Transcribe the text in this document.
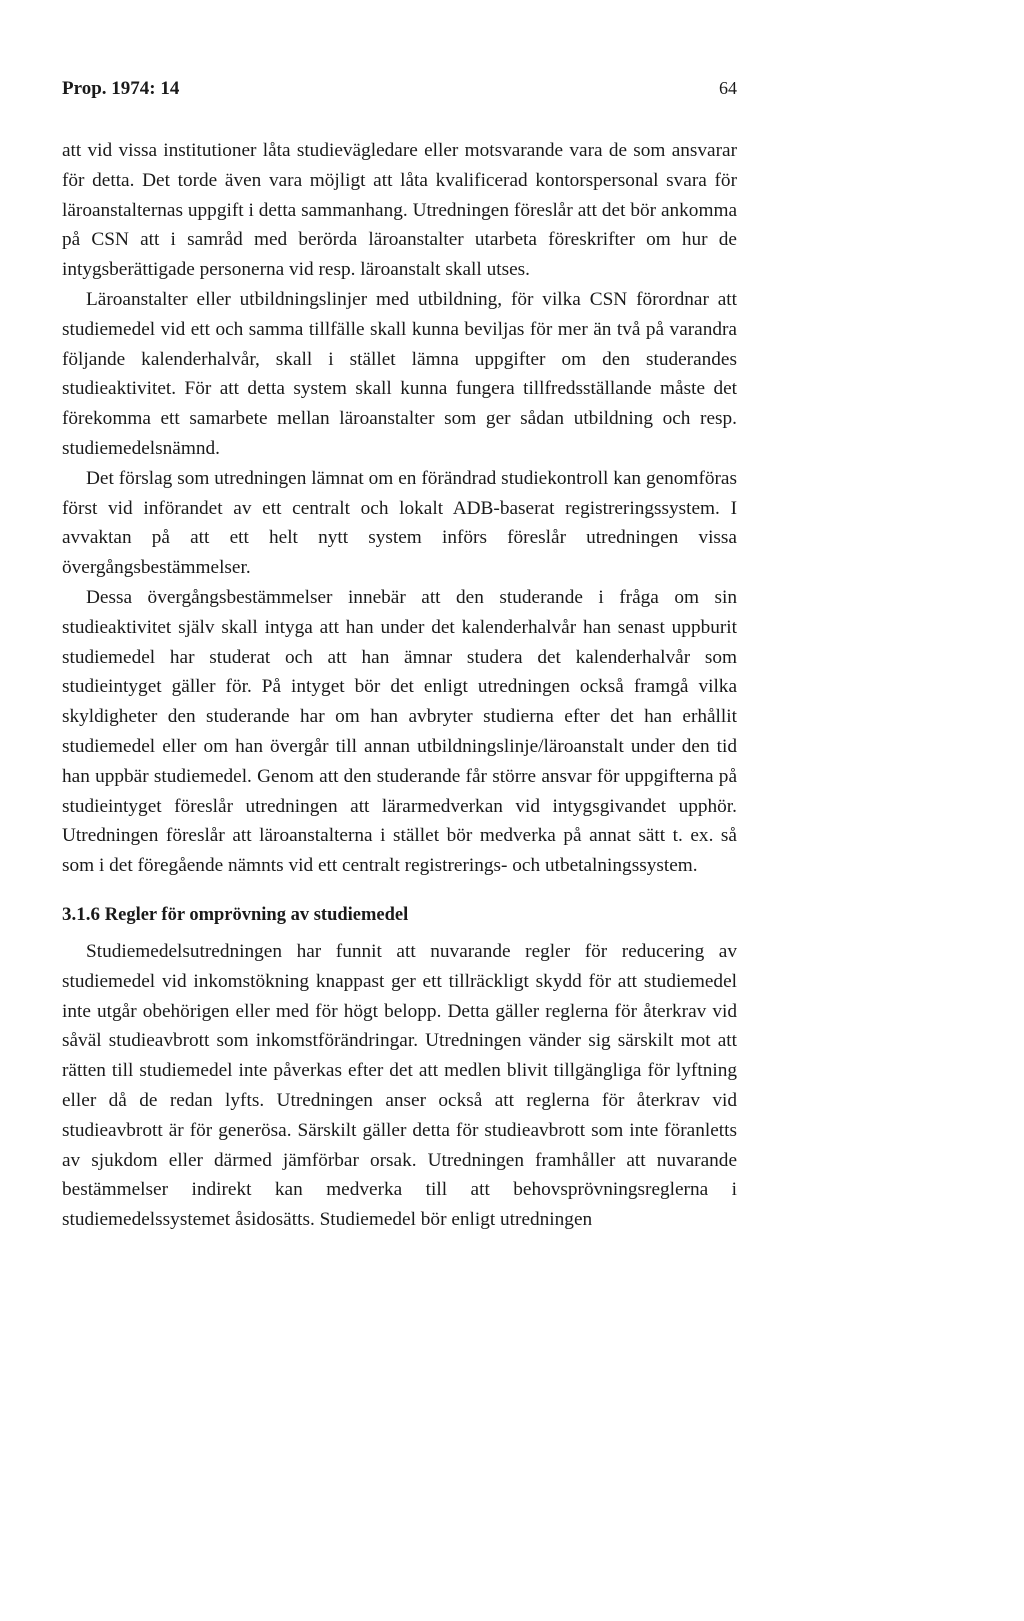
Prop. 1974: 14	64

att vid vissa institutioner låta studievägledare eller motsvarande vara de som ansvarar för detta. Det torde även vara möjligt att låta kvalificerad kontorspersonal svara för läroanstalternas uppgift i detta sammanhang. Utredningen föreslår att det bör ankomma på CSN att i samråd med berörda läroanstalter utarbeta föreskrifter om hur de intygsberättigade personerna vid resp. läroanstalt skall utses.

Läroanstalter eller utbildningslinjer med utbildning, för vilka CSN förordnar att studiemedel vid ett och samma tillfälle skall kunna beviljas för mer än två på varandra följande kalenderhalvår, skall i stället lämna uppgifter om den studerandes studieaktivitet. För att detta system skall kunna fungera tillfredsställande måste det förekomma ett samarbete mellan läroanstalter som ger sådan utbildning och resp. studiemedelsnämnd.

Det förslag som utredningen lämnat om en förändrad studiekontroll kan genomföras först vid införandet av ett centralt och lokalt ADB-baserat registreringssystem. I avvaktan på att ett helt nytt system införs föreslår utredningen vissa övergångsbestämmelser.

Dessa övergångsbestämmelser innebär att den studerande i fråga om sin studieaktivitet själv skall intyga att han under det kalenderhalvår han senast uppburit studiemedel har studerat och att han ämnar studera det kalenderhalvår som studieintyget gäller för. På intyget bör det enligt utredningen också framgå vilka skyldigheter den studerande har om han avbryter studierna efter det han erhållit studiemedel eller om han övergår till annan utbildningslinje/läroanstalt under den tid han uppbär studiemedel. Genom att den studerande får större ansvar för uppgifterna på studieintyget föreslår utredningen att lärarmedverkan vid intygsgivandet upphör. Utredningen föreslår att läroanstalterna i stället bör medverka på annat sätt t. ex. så som i det föregående nämnts vid ett centralt registrerings- och utbetalningssystem.

3.1.6 Regler för omprövning av studiemedel

Studiemedelsutredningen har funnit att nuvarande regler för reducering av studiemedel vid inkomstökning knappast ger ett tillräckligt skydd för att studiemedel inte utgår obehörigen eller med för högt belopp. Detta gäller reglerna för återkrav vid såväl studieavbrott som inkomstförändringar. Utredningen vänder sig särskilt mot att rätten till studiemedel inte påverkas efter det att medlen blivit tillgängliga för lyftning eller då de redan lyfts. Utredningen anser också att reglerna för återkrav vid studieavbrott är för generösa. Särskilt gäller detta för studieavbrott som inte föranletts av sjukdom eller därmed jämförbar orsak. Utredningen framhåller att nuvarande bestämmelser indirekt kan medverka till att behovsprövningsreglerna i studiemedelssystemet åsidosätts. Studiemedel bör enligt utredningen
